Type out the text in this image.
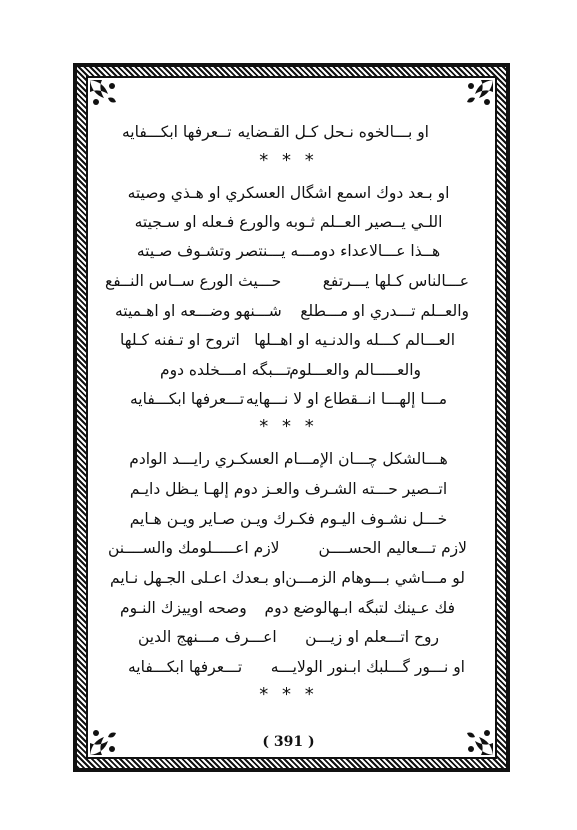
او بـــالخوه نـحل كـل القـضايه
تــعرفها ابكـــفايه
* * *
او بـعد دوك اسمع اشگال العسكري او هـذي وصيته
اللـي يــصير العــلم ثـوبه والورع فـعله او سـجيته
هــذا عـــالاعداء دومـــه يـــنتصر وتشـوف صـيته
عـــالناس كـلها يـــرتفع
حـــيث الورع ســاس النــفع
والعــلم تـــدري او مـــطلع
شـــنهو وضـــعه او اهـميته
العـــالم كـــله والدنـيه او اهــلها
اتروح او تـفنه كـلها
والعـــــالم والعـــلوم
تـــبگه امـــخلده دوم
مـــا إلهـــا انــقطاع او لا نـــهايه
تـــعرفها ابكـــفايه
* * *
هـــالشكل چـــان الإمـــام العسكـري رايـــد الوادم
اتــصير حـــته الشـرف والعـز دوم إلهـا يـظل دايـم
خـــل نشـوف اليـوم فكـرك ويـن صـاير ويـن هـايم
لازم تـــعاليم الحســــن
لازم اعـــــلومك والســــنن
لو مـــاشي بـــوهام الزمـــن
او بـعدك اعـلى الجـهل نـايم
فك عـينك لتبگه ابـهالوضع دوم
وصحه اوييزك النـوم
روح اتـــعلم او زيـــن
اعـــرف مـــنهج الدين
او نـــور گـــلبك ابـنور الولايـــه
تـــعرفها ابكـــفايه
* * *
( 391 )
